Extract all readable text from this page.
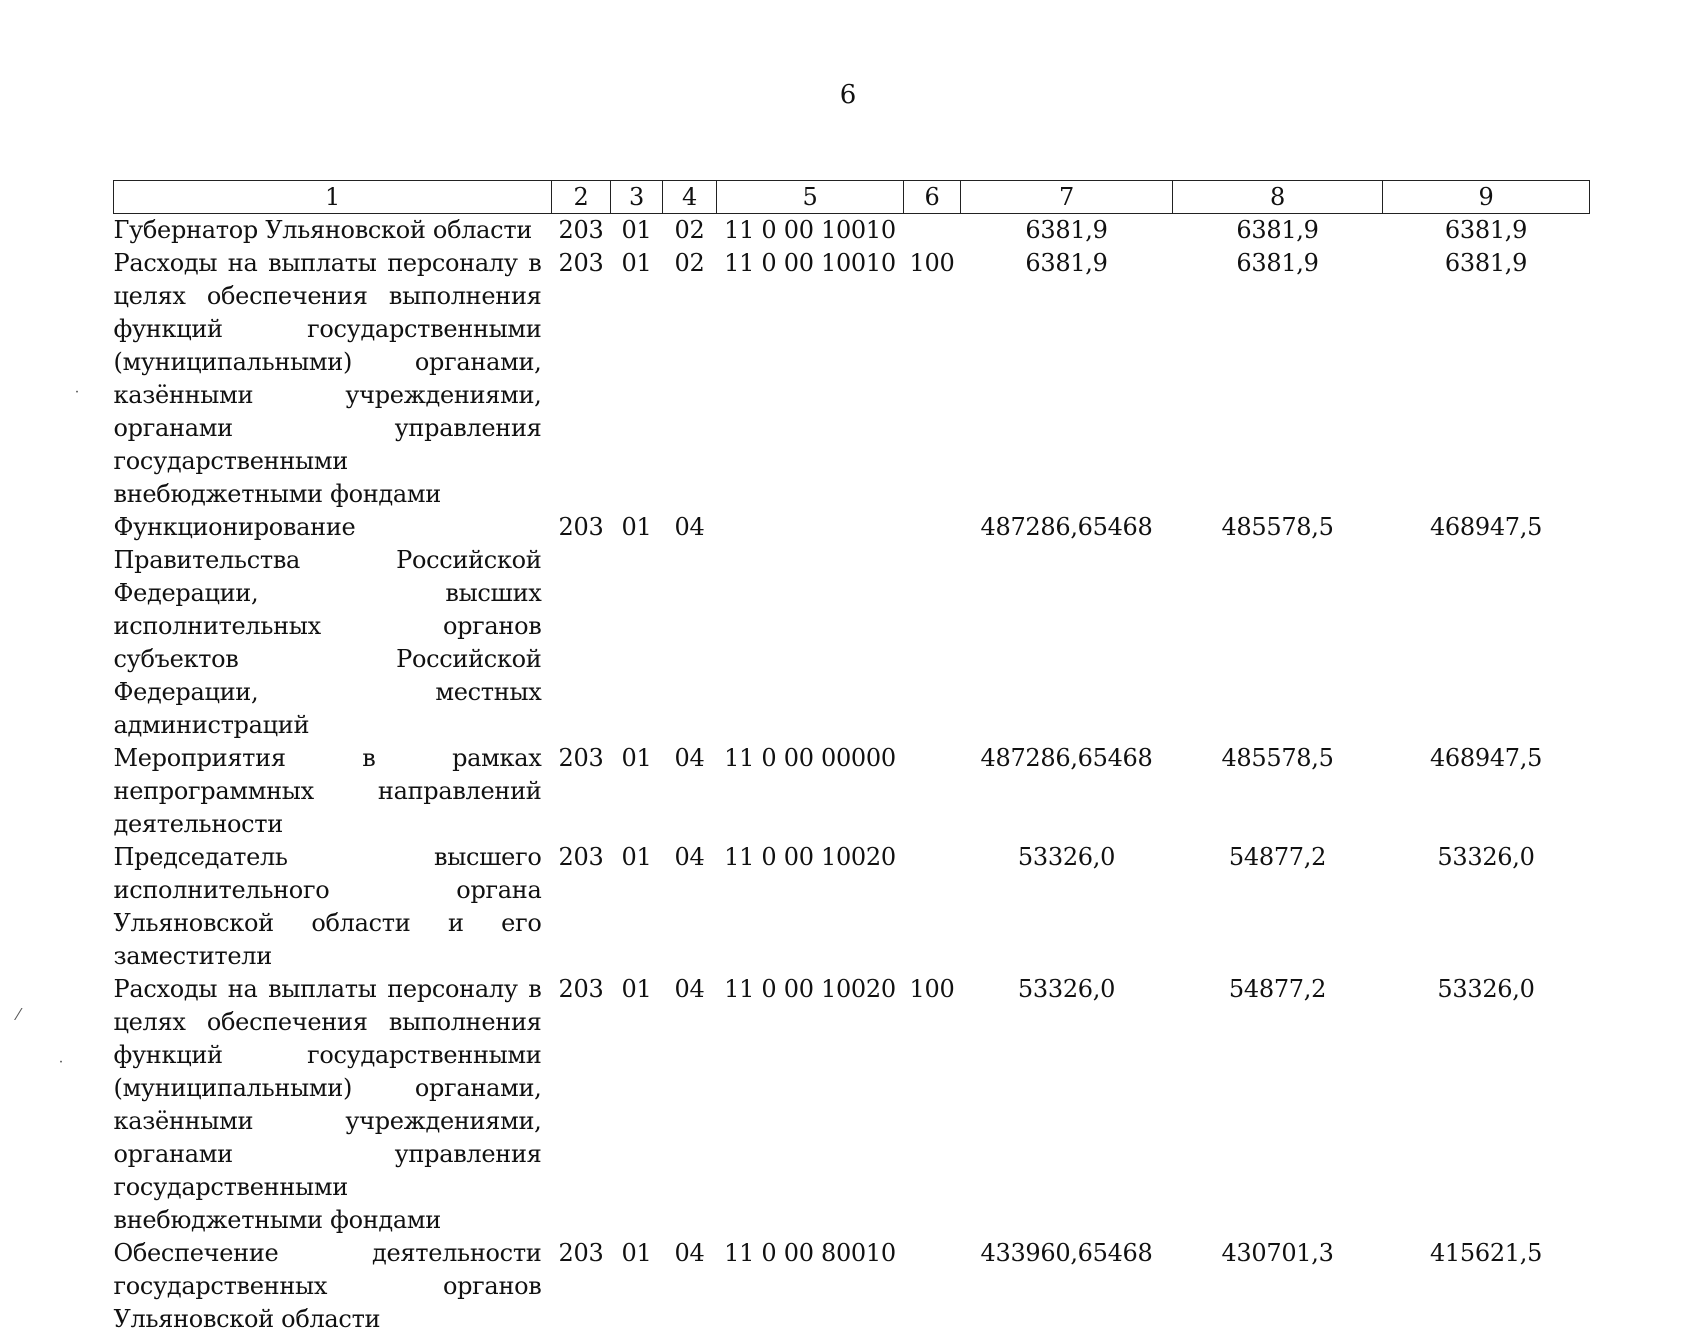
6
1	2	3	4	5	6	7	8	9
Губернатор Ульяновской области	203	01	02	11 0 00 10010		6381,9	6381,9	6381,9
Расходы на выплаты персоналу в целях обеспечения выполнения функций государственными (муниципальными) органами, казёнными учреждениями, органами управления государственными внебюджетными фондами	203	01	02	11 0 00 10010	100	6381,9	6381,9	6381,9
Функционирование Правительства Российской Федерации, высших исполнительных органов субъектов Российской Федерации, местных администраций	203	01	04			487286,65468	485578,5	468947,5
Мероприятия в рамках непрограммных направлений деятельности	203	01	04	11 0 00 00000		487286,65468	485578,5	468947,5
Председатель высшего исполнительного органа Ульяновской области и его заместители	203	01	04	11 0 00 10020		53326,0	54877,2	53326,0
Расходы на выплаты персоналу в целях обеспечения выполнения функций государственными (муниципальными) органами, казёнными учреждениями, органами управления государственными внебюджетными фондами	203	01	04	11 0 00 10020	100	53326,0	54877,2	53326,0
Обеспечение деятельности государственных органов Ульяновской области	203	01	04	11 0 00 80010		433960,65468	430701,3	415621,5
˙
⁄
˙
